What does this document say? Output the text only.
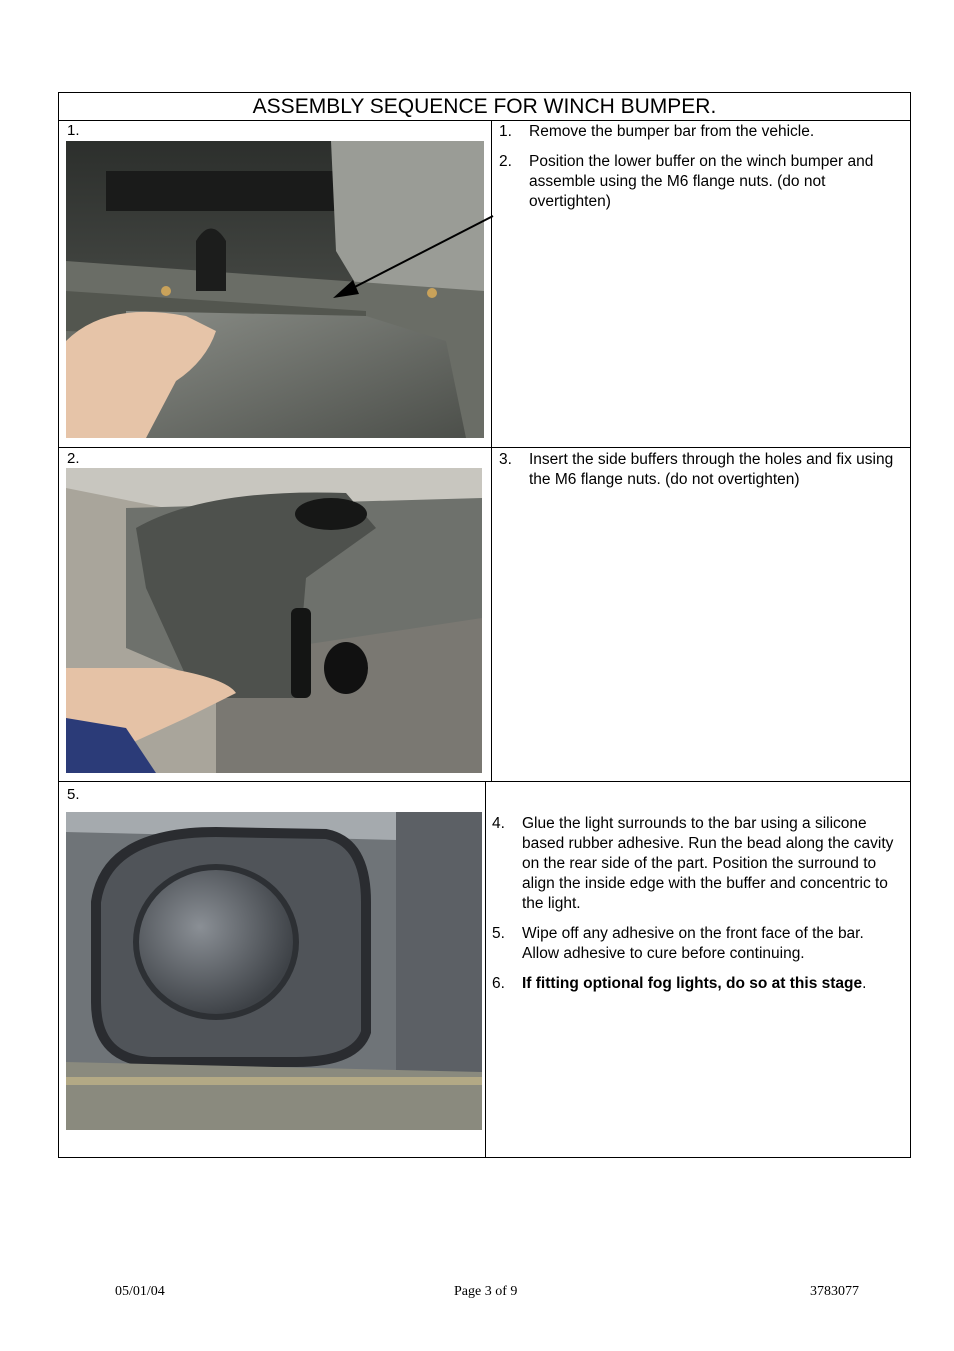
ASSEMBLY SEQUENCE FOR WINCH BUMPER.
1.	1. Remove the bumper bar from the vehicle.
2. Position the lower buffer on the winch bumper and assemble using the M6 flange nuts. (do not overtighten)
2.	3. Insert the side buffers through the holes and fix using the M6 flange nuts. (do not overtighten)
5.
4. Glue the light surrounds to the bar using a silicone based rubber adhesive. Run the bead along the cavity on the rear side of the part. Position the surround to align the inside edge with the buffer and concentric to the light.
5. Wipe off any adhesive on the front face of the bar. Allow adhesive to cure before continuing.
6. If fitting optional fog lights, do so at this stage.
05/01/04	Page 3 of 9	3783077
